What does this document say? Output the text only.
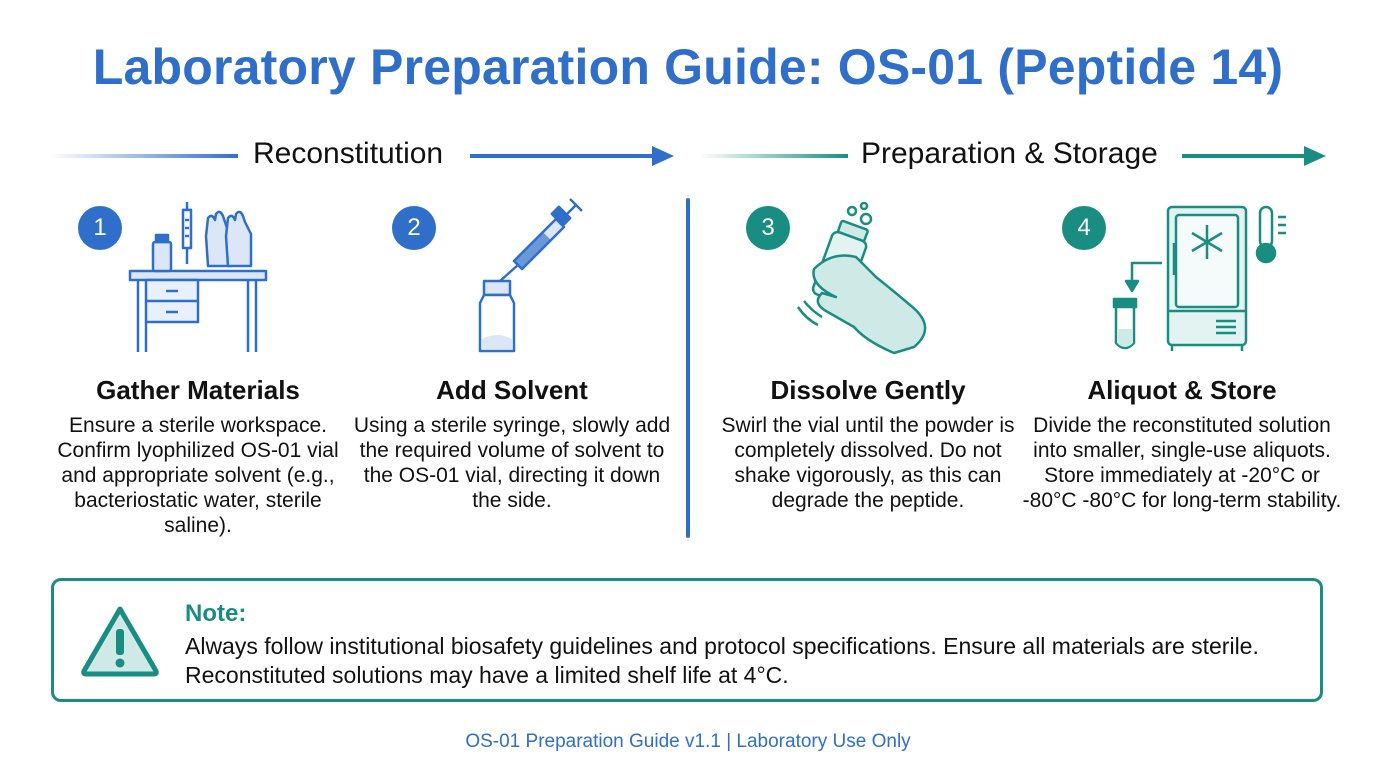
Laboratory Preparation Guide: OS-01 (Peptide 14)
Reconstitution	Preparation & Storage
1
Gather Materials
Ensure a sterile workspace. Confirm lyophilized OS-01 vial and appropriate solvent (e.g., bacteriostatic water, sterile saline).
2
Add Solvent
Using a sterile syringe, slowly add the required volume of solvent to the OS-01 vial, directing it down the side.
3
Dissolve Gently
Swirl the vial until the powder is completely dissolved. Do not shake vigorously, as this can degrade the peptide.
4
Aliquot & Store
Divide the reconstituted solution into smaller, single-use aliquots. Store immediately at -20°C or -80°C -80°C for long-term stability.
Note:
Always follow institutional biosafety guidelines and protocol specifications. Ensure all materials are sterile. Reconstituted solutions may have a limited shelf life at 4°C.
OS-01 Preparation Guide v1.1 | Laboratory Use Only
